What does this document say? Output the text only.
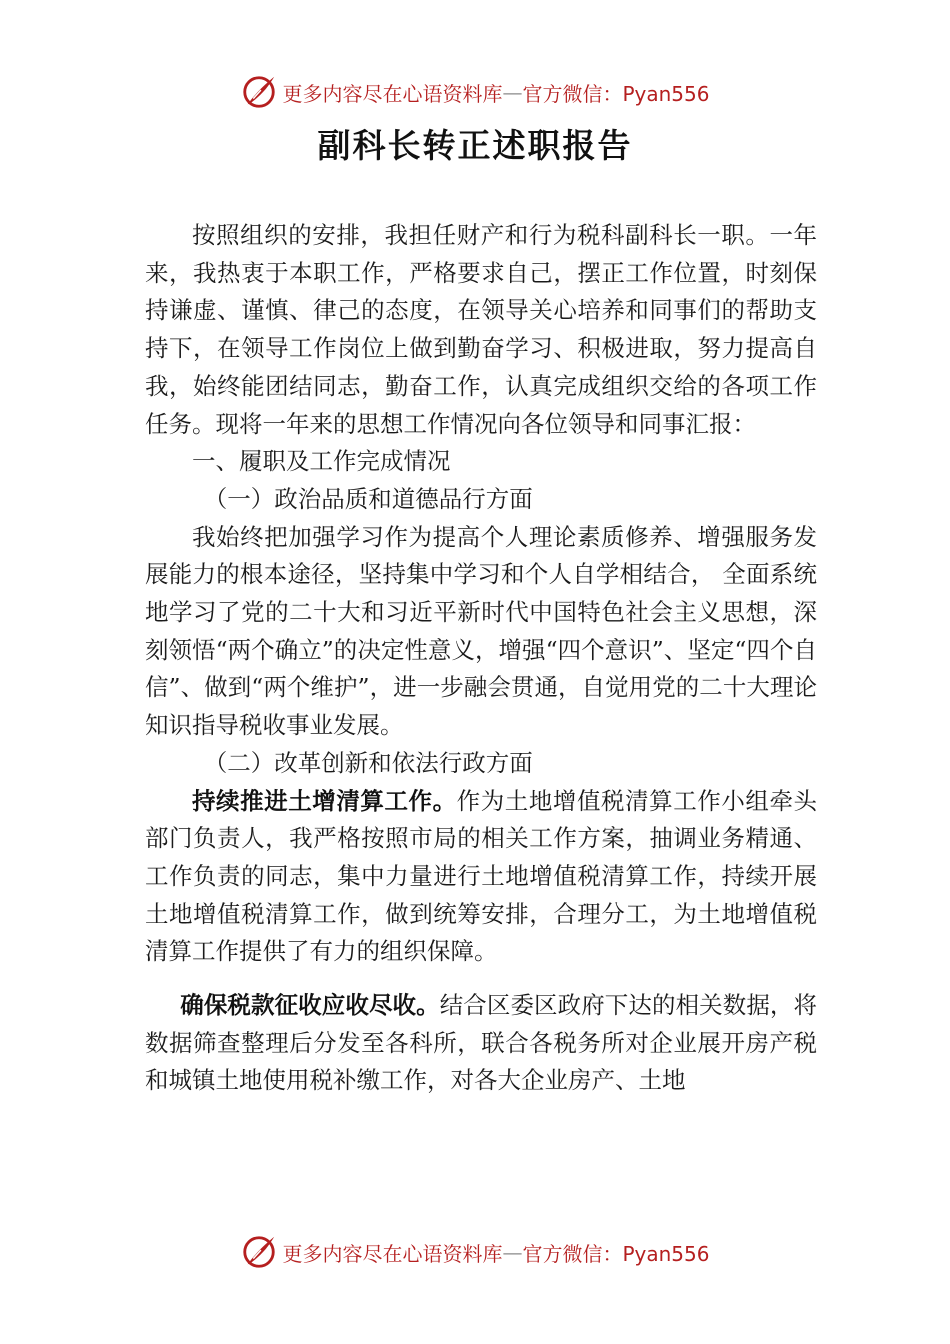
更多内容尽在心语资料库 — 官方微信：Pyan556
副科长转正述职报告

按照组织的安排，我担任财产和行为税科副科长一职。一年来，我热衷于本职工作，严格要求自己，摆正工作位置，时刻保持谦虚、谨慎、律己的态度，在领导关心培养和同事们的帮助支持下，在领导工作岗位上做到勤奋学习、积极进取，努力提高自我，始终能团结同志，勤奋工作，认真完成组织交给的各项工作任务。现将一年来的思想工作情况向各位领导和同事汇报：

一、履职及工作完成情况

（一）政治品质和道德品行方面

我始终把加强学习作为提高个人理论素质修养、增强服务发展能力的根本途径，坚持集中学习和个人自学相结合， 全面系统地学习了党的二十大和习近平新时代中国特色社会主义思想，深刻领悟“两个确立”的决定性意义，增强“四个意识”、坚定“四个自信”、做到“两个维护”，进一步融会贯通，自觉用党的二十大理论知识指导税收事业发展。

（二）改革创新和依法行政方面

持续推进土增清算工作。作为土地增值税清算工作小组牵头部门负责人，我严格按照市局的相关工作方案，抽调业务精通、工作负责的同志，集中力量进行土地增值税清算工作，持续开展土地增值税清算工作，做到统筹安排，合理分工，为土地增值税清算工作提供了有力的组织保障。

确保税款征收应收尽收。结合区委区政府下达的相关数据，将数据筛查整理后分发至各科所，联合各税务所对企业展开房产税和城镇土地使用税补缴工作，对各大企业房产、土地

更多内容尽在心语资料库 — 官方微信：Pyan556
